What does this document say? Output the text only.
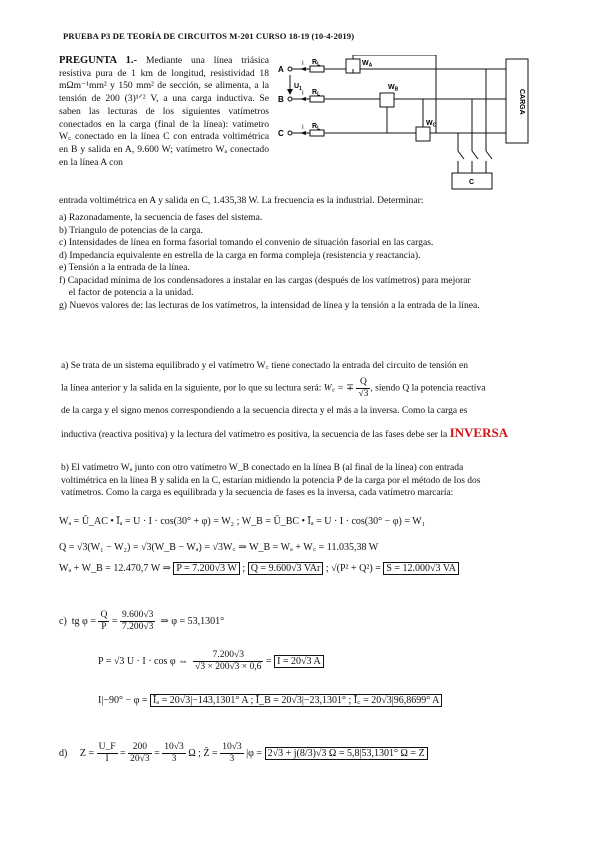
PRUEBA P3 DE TEORÍA DE CIRCUITOS M-201 CURSO 18-19 (10-4-2019)
PREGUNTA 1.- Mediante una línea triásica resistiva pura de 1 km de longitud, resistividad 18 mΩm⁻¹mm² y 150 mm² de sección, se alimenta, a la tensión de 200 (3)¹ᐟ² V, a una carga inductiva. Se saben las lecturas de los siguientes vatímetros conectados en la carga (final de la línea): vatímetro W꜀ conectado en la línea C con entrada voltimétrica en B y salida en A, 9.600 W; vatímetro Wₐ conectado en la línea A con
A
B
C
I
I
I
$U_1$
$R_L$
$R_L$
$R_L$
$W_A$
$W_B$
$W_C$
CARGA
C
entrada voltimétrica en A y salida en C, 1.435,38 W. La frecuencia es la industrial. Determinar:
a) Razonadamente, la secuencia de fases del sistema.
b) Triangulo de potencias de la carga.
c) Intensidades de línea en forma fasorial tomando el convenio de situación fasorial en las cargas.
d) Impedancia equivalente en estrella de la carga en forma compleja (resistencia y reactancia).
e) Tensión a la entrada de la línea.
f) Capacidad mínima de los condensadores a instalar en las cargas (después de los vatímetros) para mejorar
el factor de potencia a la unidad.
g) Nuevos valores de: las lecturas de los vatímetros, la intensidad de línea y la tensión a la entrada de la línea.
a) Se trata de un sistema equilibrado y el vatímetro W꜀ tiene conectado la entrada del circuito de tensión en
la línea anterior y la salida en la siguiente, por lo que su lectura será: W꜀ = ∓ $\frac{Q}{√3}$ , siendo Q la potencia reactiva
de la carga y el signo menos correspondiendo a la secuencia directa y el más a la inversa. Como la carga es
inductiva (reactiva positiva) y la lectura del vatímetro es positiva, la secuencia de las fases debe ser la INVERSA
b) El vatímetro Wₐ junto con otro vatímetro W_B conectado en la línea B (al final de la línea) con entrada
voltimétrica en la línea B y salida en la C, estarían midiendo la potencia P de la carga por el método de los dos
vatímetros. Como la carga es equilibrada y la secuencia de fases es la inversa, cada vatímetro marcaría:
Wₐ = Ū_AC • Īₐ = U · I · cos(30° + φ) = W₂ ; W_B = Ū_BC • Īₐ = U · I · cos(30° − φ) = W₁
Q = √3(W₁ − W₂) = √3(W_B − Wₐ) = √3W꜀ ⇒ W_B = Wₐ + W꜀ = 11.035,38 W
Wₐ + W_B = 12.470,7 W ⇒ P = 7.200√3 W ; Q = 9.600√3 VAr ; √(P² + Q²) = S = 12.000√3 VA
c) tg $\varphi = \frac{Q}{P} = \frac{9.600√3}{7.200√3}$ ⇒ φ = 53,1301°
P = √3 U · I · cos φ ⇔ $\frac{7.200√3}{√3 \times 200√3 \times 0,6} = I = 20√3$ A
I|−90° − φ = Īₐ = 20√3|−143,1301° A ; Ī_B = 20√3|−23,1301° ; Ī꜀ = 20√3|96,8699° A
d) $Z = \frac{U\_F}{I} = \frac{200}{20√3} = \frac{10√3}{3}$ Ω ; Z̄ = $\frac{10√3}{3} |\varphi = 2√3 + j(8/3)√3$ Ω = 5,8|53,1301° Ω = Z̄
